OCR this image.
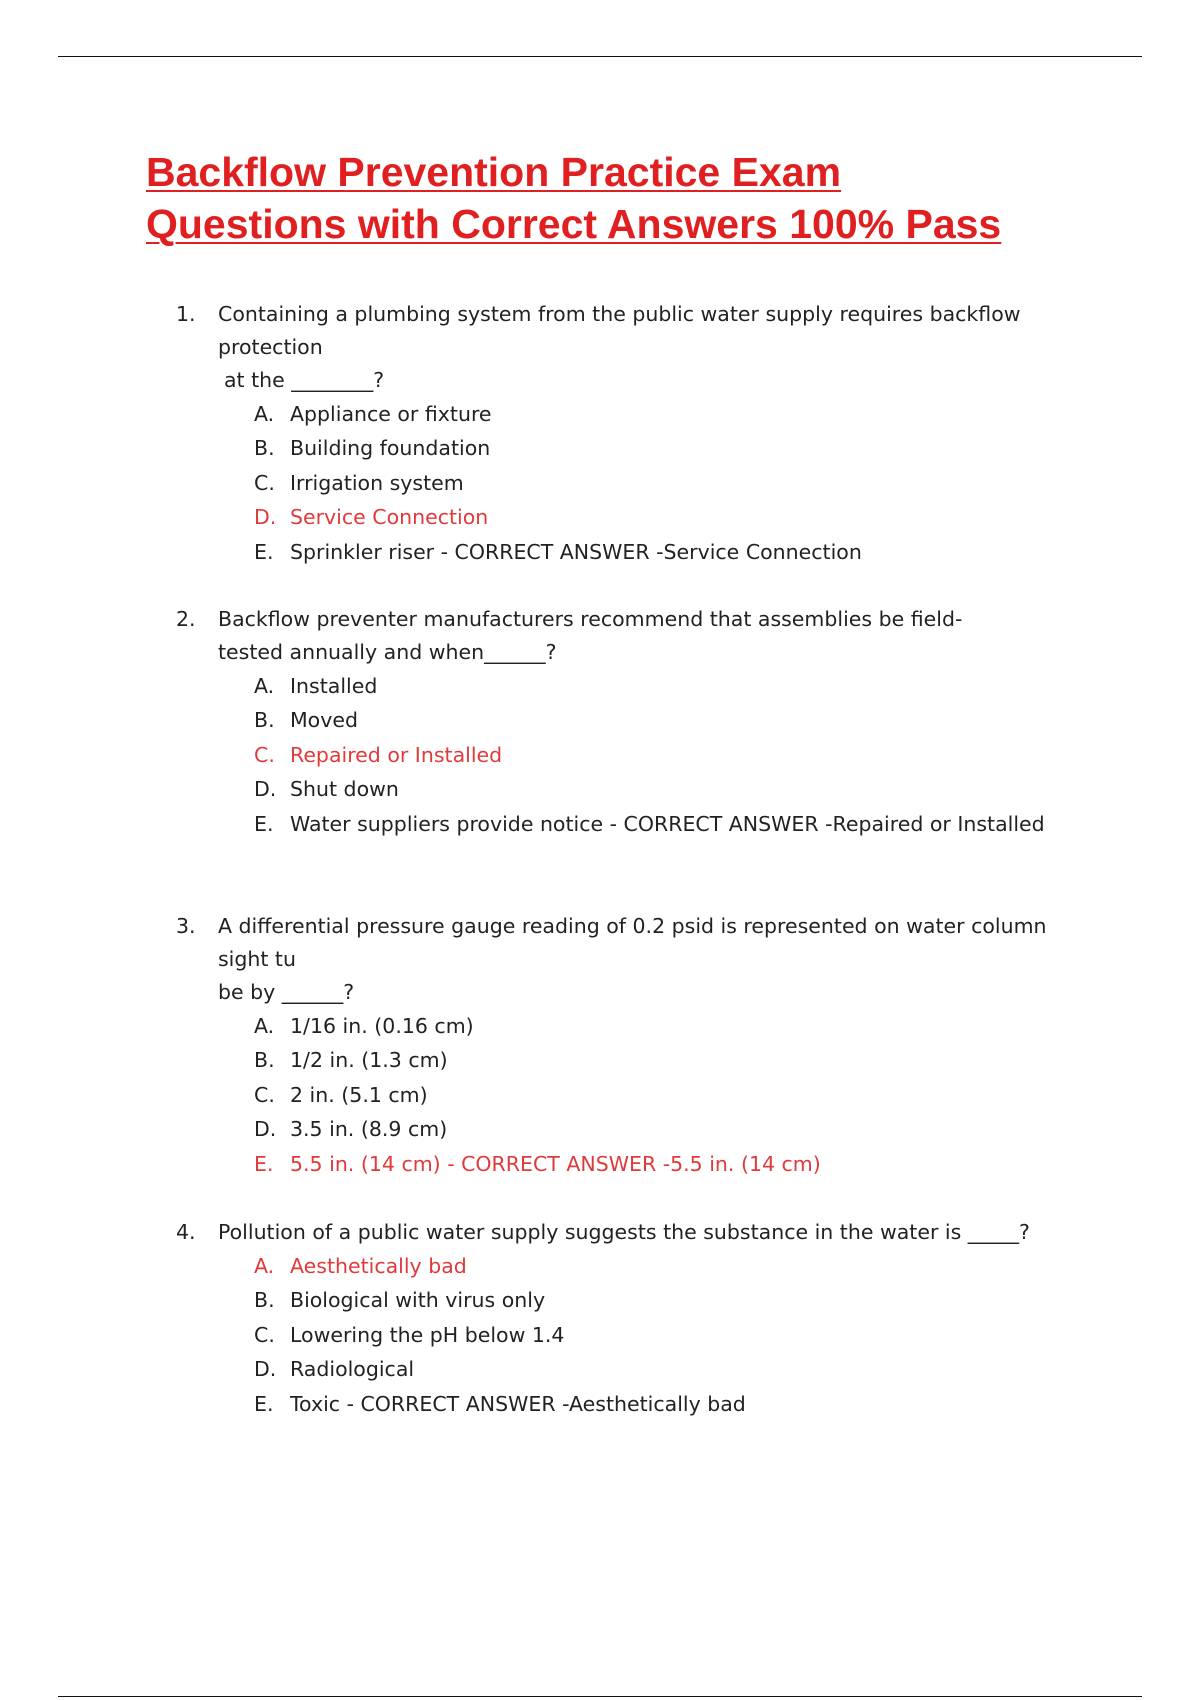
Backflow Prevention Practice Exam
Questions with Correct Answers 100% Pass
1.	Containing a plumbing system from the public water supply requires backflow protection
at the ________?
A. Appliance or fixture
B. Building foundation
C. Irrigation system
D. Service Connection
E. Sprinkler riser - CORRECT ANSWER -Service Connection
2.	Backflow preventer manufacturers recommend that assemblies be field-
tested annually and when______?
A. Installed
B. Moved
C. Repaired or Installed
D. Shut down
E. Water suppliers provide notice - CORRECT ANSWER -Repaired or Installed
3.	A differential pressure gauge reading of 0.2 psid is represented on water column sight tu
be by ______?
A. 1/16 in. (0.16 cm)
B. 1/2 in. (1.3 cm)
C. 2 in. (5.1 cm)
D. 3.5 in. (8.9 cm)
E. 5.5 in. (14 cm) - CORRECT ANSWER -5.5 in. (14 cm)
4.	Pollution of a public water supply suggests the substance in the water is _____?
A. Aesthetically bad
B. Biological with virus only
C. Lowering the pH below 1.4
D. Radiological
E. Toxic - CORRECT ANSWER -Aesthetically bad
